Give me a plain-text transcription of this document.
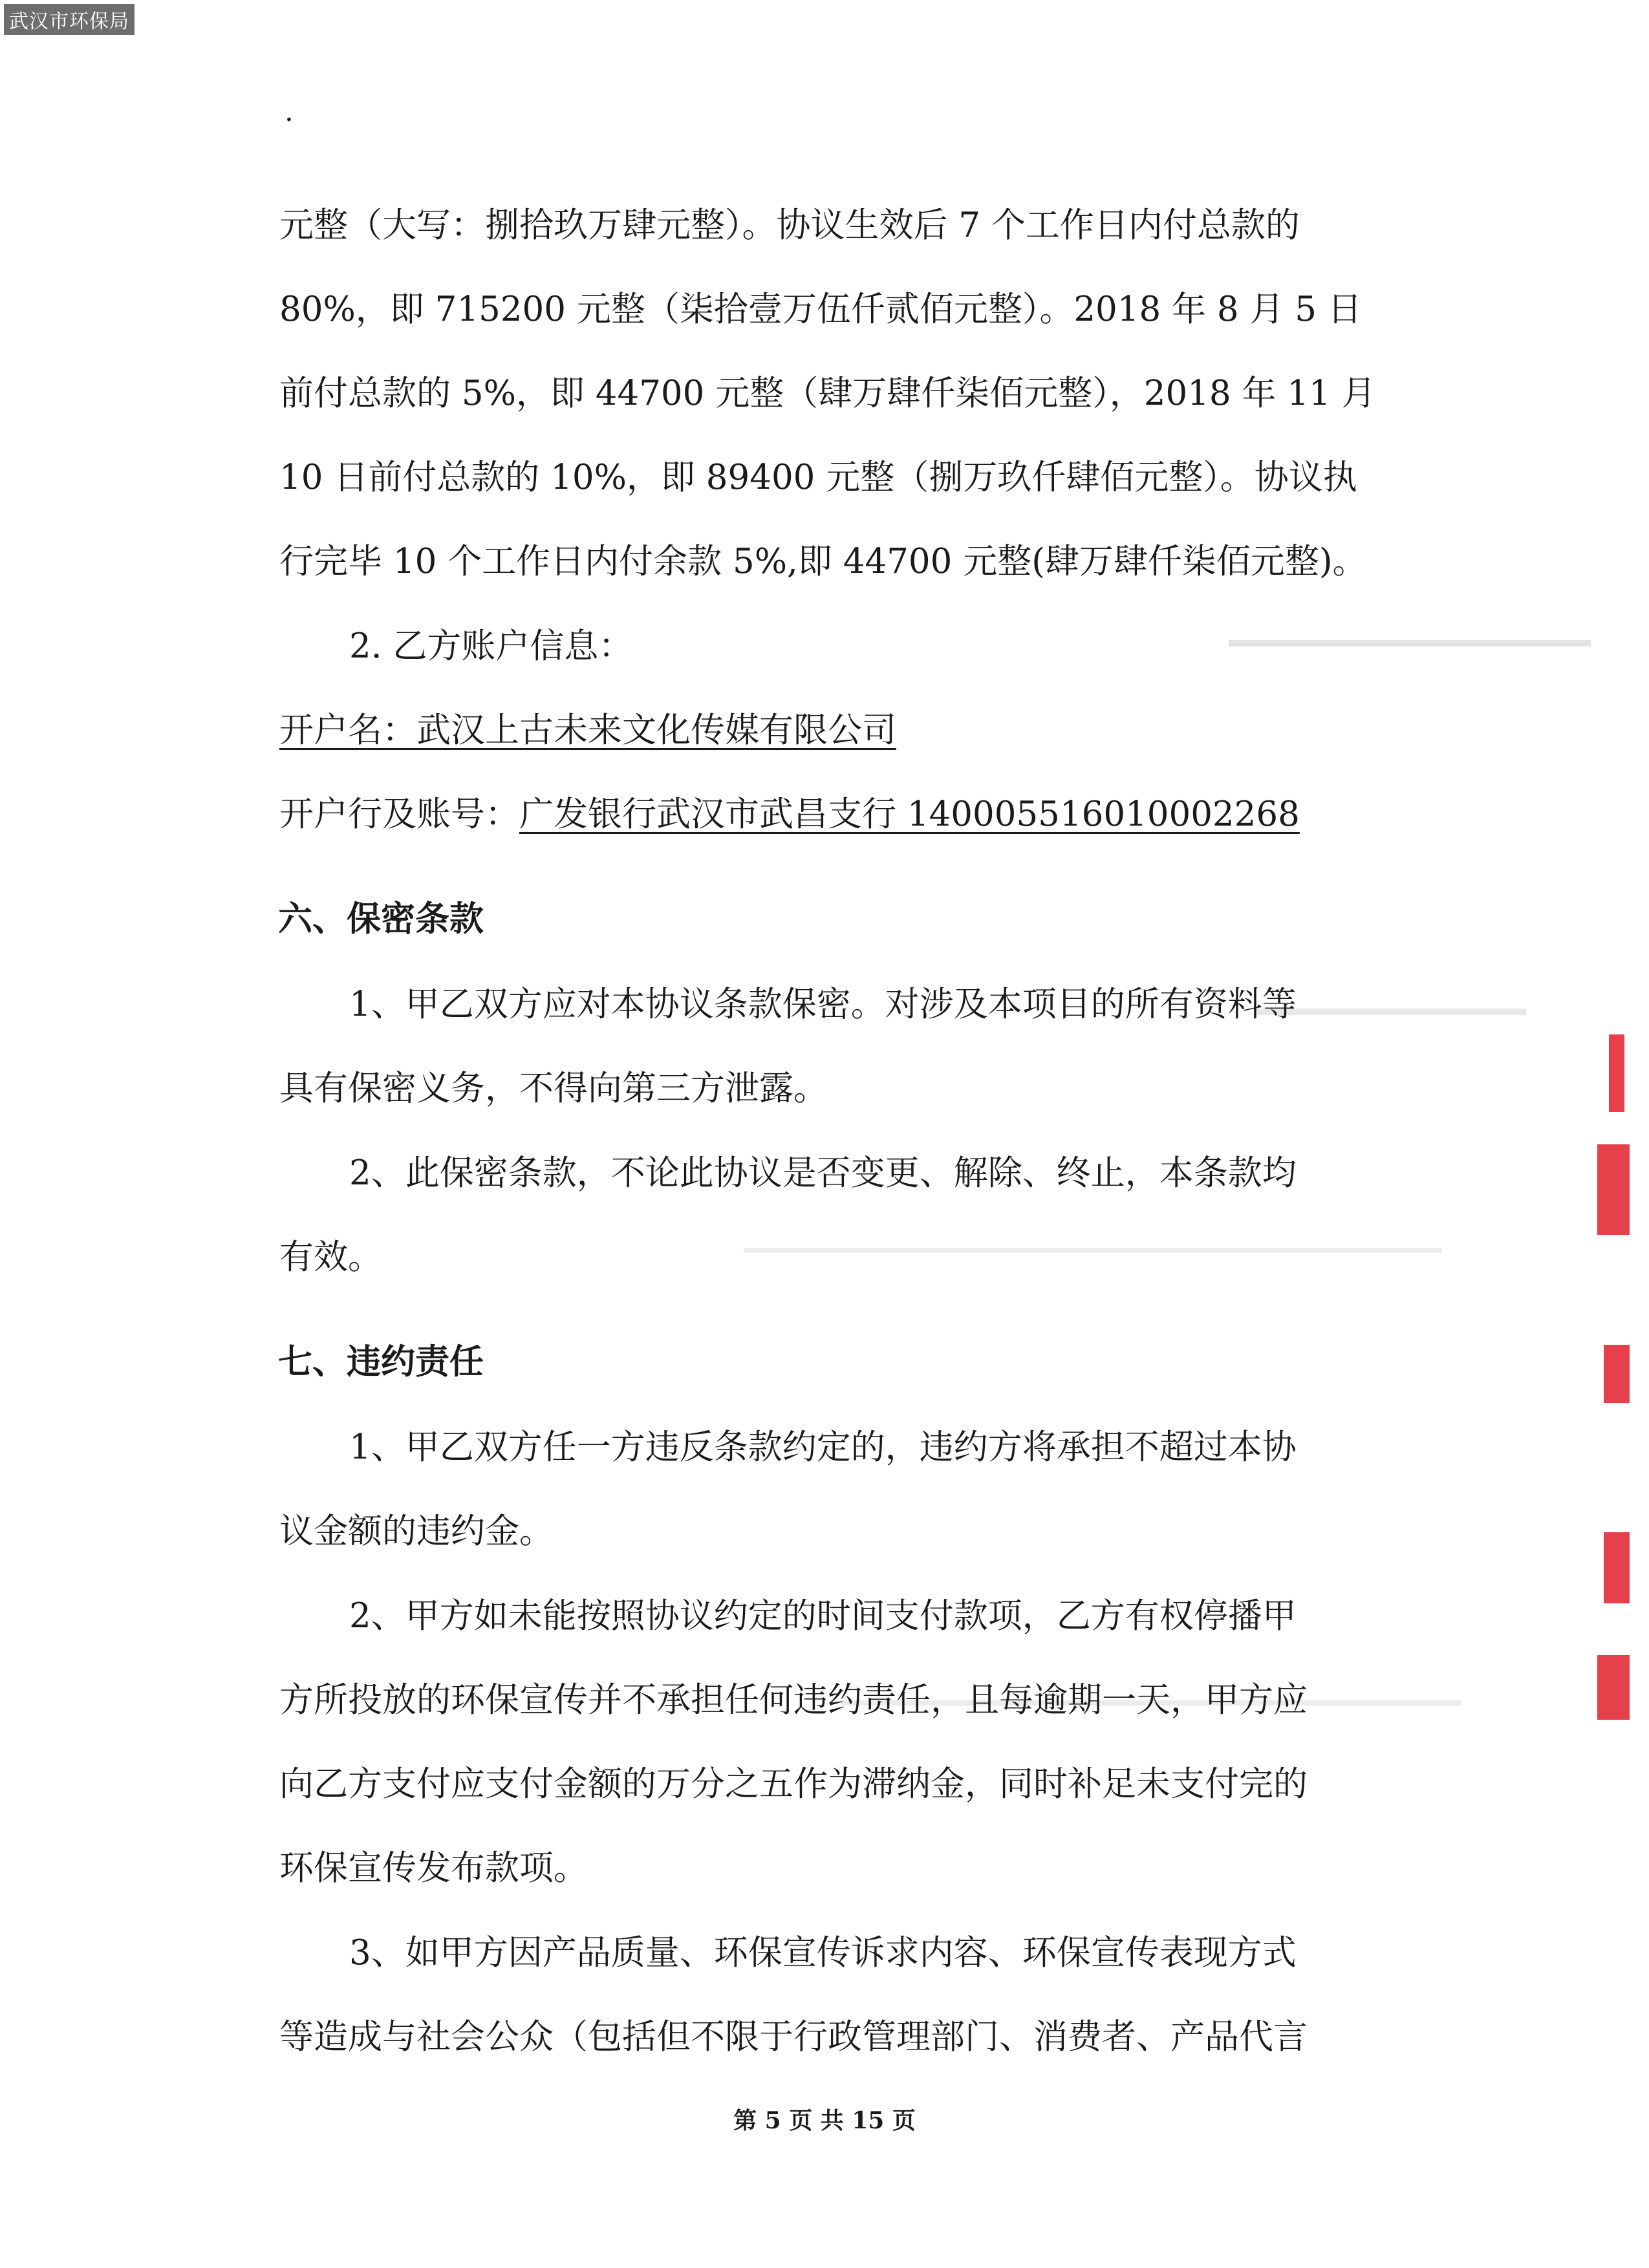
武汉市环保局
·
元整（大写：捌拾玖万肆元整）。协议生效后 7 个工作日内付总款的
80%，即 715200 元整（柒拾壹万伍仟贰佰元整）。2018 年 8 月 5 日
前付总款的 5%，即 44700 元整（肆万肆仟柒佰元整），2018 年 11 月
10 日前付总款的 10%，即 89400 元整（捌万玖仟肆佰元整）。协议执
行完毕 10 个工作日内付余款 5%,即 44700 元整(肆万肆仟柒佰元整)。
2. 乙方账户信息：
开户名：武汉上古未来文化传媒有限公司
开户行及账号：广发银行武汉市武昌支行 140005516010002268
六、保密条款
1、甲乙双方应对本协议条款保密。对涉及本项目的所有资料等
具有保密义务，不得向第三方泄露。
2、此保密条款，不论此协议是否变更、解除、终止，本条款均
有效。
七、违约责任
1、甲乙双方任一方违反条款约定的，违约方将承担不超过本协
议金额的违约金。
2、甲方如未能按照协议约定的时间支付款项，乙方有权停播甲
方所投放的环保宣传并不承担任何违约责任，且每逾期一天，甲方应
向乙方支付应支付金额的万分之五作为滞纳金，同时补足未支付完的
环保宣传发布款项。
3、如甲方因产品质量、环保宣传诉求内容、环保宣传表现方式
等造成与社会公众（包括但不限于行政管理部门、消费者、产品代言
第 5 页 共 15 页
